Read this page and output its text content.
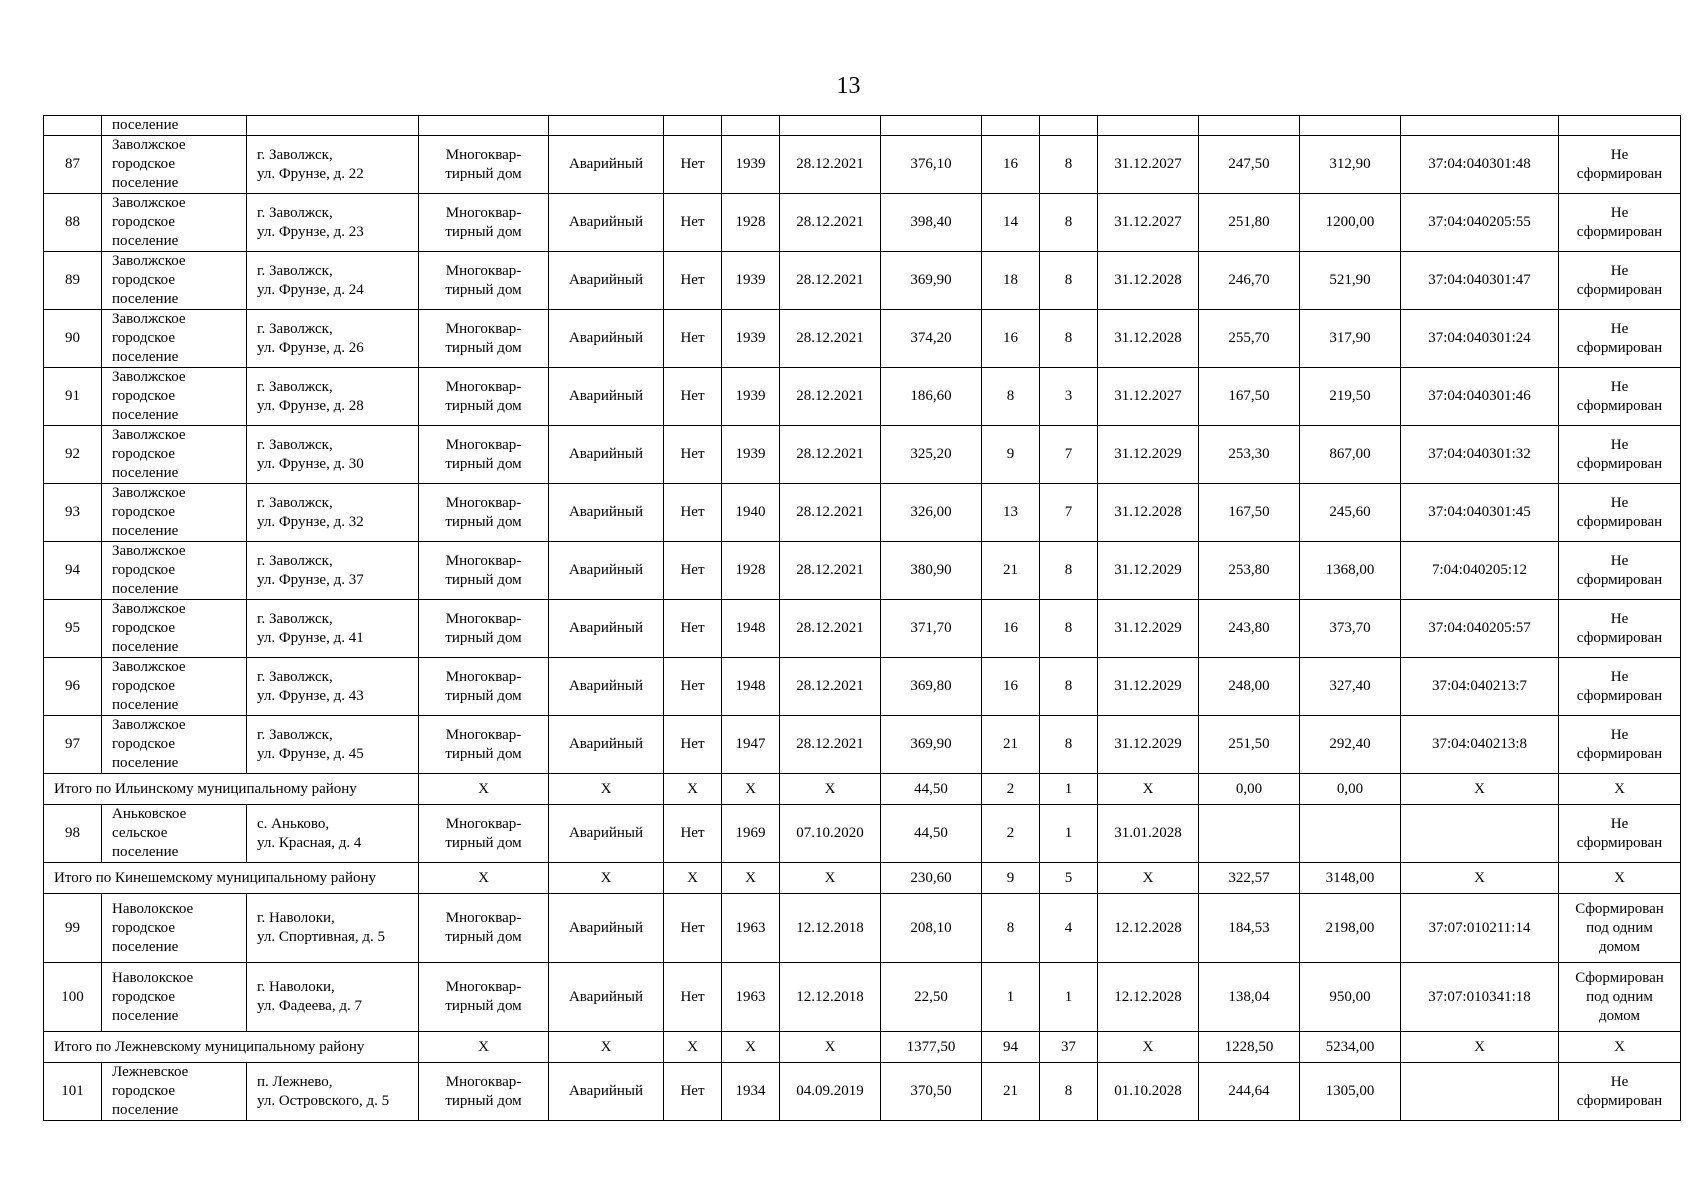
13
	поселение														
87	Заволжское
городское
поселение	г. Заволжск,
ул. Фрунзе, д. 22	Многоквар-
тирный дом	Аварийный	Нет	1939	28.12.2021	376,10	16	8	31.12.2027	247,50	312,90	37:04:040301:48	Не
сформирован

88	Заволжское
городское
поселение	г. Заволжск,
ул. Фрунзе, д. 23	Многоквар-
тирный дом	Аварийный	Нет	1928	28.12.2021	398,40	14	8	31.12.2027	251,80	1200,00	37:04:040205:55	Не
сформирован

89	Заволжское
городское
поселение	г. Заволжск,
ул. Фрунзе, д. 24	Многоквар-
тирный дом	Аварийный	Нет	1939	28.12.2021	369,90	18	8	31.12.2028	246,70	521,90	37:04:040301:47	Не
сформирован

90	Заволжское
городское
поселение	г. Заволжск,
ул. Фрунзе, д. 26	Многоквар-
тирный дом	Аварийный	Нет	1939	28.12.2021	374,20	16	8	31.12.2028	255,70	317,90	37:04:040301:24	Не
сформирован

91	Заволжское
городское
поселение	г. Заволжск,
ул. Фрунзе, д. 28	Многоквар-
тирный дом	Аварийный	Нет	1939	28.12.2021	186,60	8	3	31.12.2027	167,50	219,50	37:04:040301:46	Не
сформирован

92	Заволжское
городское
поселение	г. Заволжск,
ул. Фрунзе, д. 30	Многоквар-
тирный дом	Аварийный	Нет	1939	28.12.2021	325,20	9	7	31.12.2029	253,30	867,00	37:04:040301:32	Не
сформирован

93	Заволжское
городское
поселение	г. Заволжск,
ул. Фрунзе, д. 32	Многоквар-
тирный дом	Аварийный	Нет	1940	28.12.2021	326,00	13	7	31.12.2028	167,50	245,60	37:04:040301:45	Не
сформирован

94	Заволжское
городское
поселение	г. Заволжск,
ул. Фрунзе, д. 37	Многоквар-
тирный дом	Аварийный	Нет	1928	28.12.2021	380,90	21	8	31.12.2029	253,80	1368,00	7:04:040205:12	Не
сформирован

95	Заволжское
городское
поселение	г. Заволжск,
ул. Фрунзе, д. 41	Многоквар-
тирный дом	Аварийный	Нет	1948	28.12.2021	371,70	16	8	31.12.2029	243,80	373,70	37:04:040205:57	Не
сформирован

96	Заволжское
городское
поселение	г. Заволжск,
ул. Фрунзе, д. 43	Многоквар-
тирный дом	Аварийный	Нет	1948	28.12.2021	369,80	16	8	31.12.2029	248,00	327,40	37:04:040213:7	Не
сформирован

97	Заволжское
городское
поселение	г. Заволжск,
ул. Фрунзе, д. 45	Многоквар-
тирный дом	Аварийный	Нет	1947	28.12.2021	369,90	21	8	31.12.2029	251,50	292,40	37:04:040213:8	Не
сформирован

Итого по Ильинскому муниципальному району			Х	Х	Х	Х	Х	44,50	2	1	Х	0,00	0,00	Х	Х
98	Аньковское
сельское
поселение	с. Аньково,
ул. Красная, д. 4	Многоквар-
тирный дом	Аварийный	Нет	1969	07.10.2020	44,50	2	1	31.01.2028				Не
сформирован

Итого по Кинешемскому муниципальному району			Х	Х	Х	Х	Х	230,60	9	5	Х	322,57	3148,00	Х	Х
99	Наволокское
городское
поселение	г. Наволоки,
ул. Спортивная, д. 5	Многоквар-
тирный дом	Аварийный	Нет	1963	12.12.2018	208,10	8	4	12.12.2028	184,53	2198,00	37:07:010211:14	Сформирован
под одним
домом

100	Наволокское
городское
поселение	г. Наволоки,
ул. Фадеева, д. 7	Многоквар-
тирный дом	Аварийный	Нет	1963	12.12.2018	22,50	1	1	12.12.2028	138,04	950,00	37:07:010341:18	Сформирован
под одним
домом

Итого по Лежневскому муниципальному району			Х	Х	Х	Х	Х	1377,50	94	37	Х	1228,50	5234,00	Х	Х
101	Лежневское
городское
поселение	п. Лежнево,
ул. Островского, д. 5	Многоквар-
тирный дом	Аварийный	Нет	1934	04.09.2019	370,50	21	8	01.10.2028	244,64	1305,00		Не
сформирован
